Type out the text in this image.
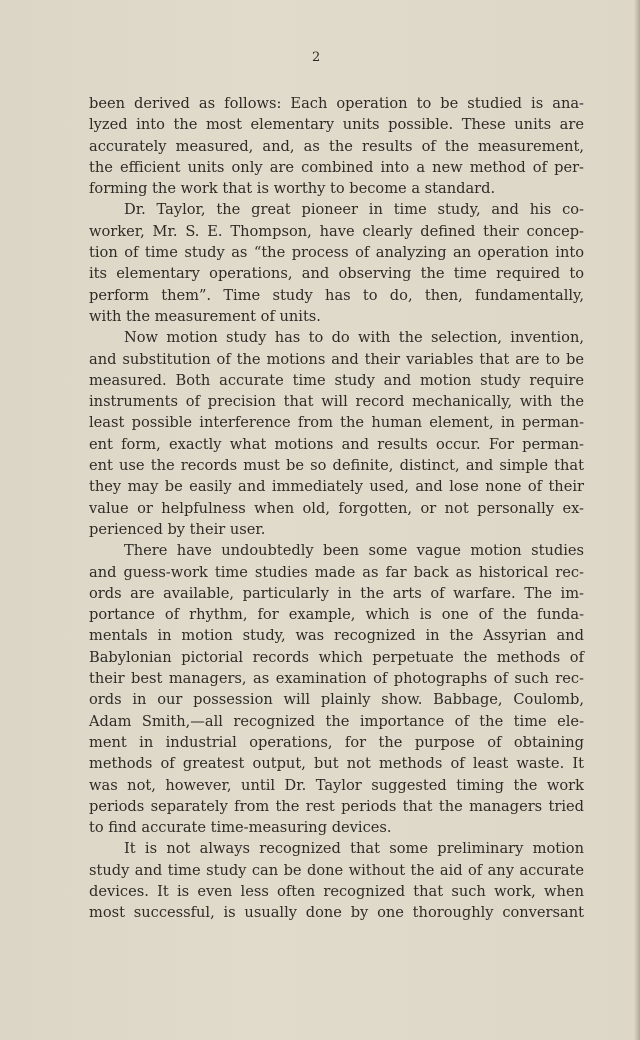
2
been derived as follows: Each operation to be studied is ana-
lyzed into the most elementary units possible. These units are
accurately measured, and, as the results of the measurement,
the efficient units only are combined into a new method of per-
forming the work that is worthy to become a standard.
Dr. Taylor, the great pioneer in time study, and his co-
worker, Mr. S. E. Thompson, have clearly defined their concep-
tion of time study as “the process of analyzing an operation into
its elementary operations, and observing the time required to
perform them”. Time study has to do, then, fundamentally,
with the measurement of units.
Now motion study has to do with the selection, invention,
and substitution of the motions and their variables that are to be
measured. Both accurate time study and motion study require
instruments of precision that will record mechanically, with the
least possible interference from the human element, in perman-
ent form, exactly what motions and results occur. For perman-
ent use the records must be so definite, distinct, and simple that
they may be easily and immediately used, and lose none of their
value or helpfulness when old, forgotten, or not personally ex-
perienced by their user.
There have undoubtedly been some vague motion studies
and guess-work time studies made as far back as historical rec-
ords are available, particularly in the arts of warfare. The im-
portance of rhythm, for example, which is one of the funda-
mentals in motion study, was recognized in the Assyrian and
Babylonian pictorial records which perpetuate the methods of
their best managers, as examination of photographs of such rec-
ords in our possession will plainly show. Babbage, Coulomb,
Adam Smith,—all recognized the importance of the time ele-
ment in industrial operations, for the purpose of obtaining
methods of greatest output, but not methods of least waste. It
was not, however, until Dr. Taylor suggested timing the work
periods separately from the rest periods that the managers tried
to find accurate time-measuring devices.
It is not always recognized that some preliminary motion
study and time study can be done without the aid of any accurate
devices. It is even less often recognized that such work, when
most successful, is usually done by one thoroughly conversant
